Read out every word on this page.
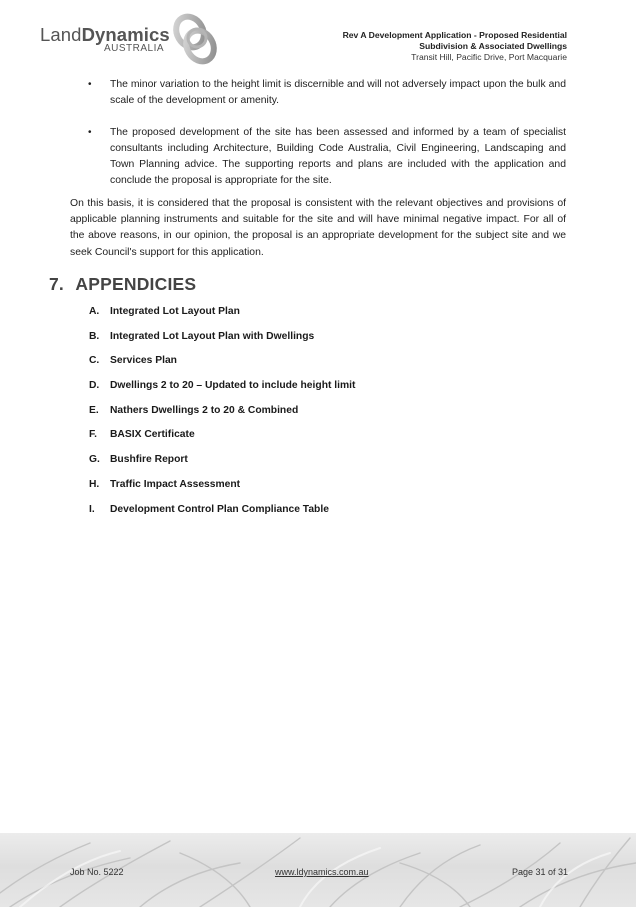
LandDynamics
AUSTRALIA
Rev A Development Application - Proposed Residential
Subdivision & Associated Dwellings
Transit Hill, Pacific Drive, Port Macquarie
• The minor variation to the height limit is discernible and will not adversely impact upon the bulk and scale of the development or amenity.
• The proposed development of the site has been assessed and informed by a team of specialist consultants including Architecture, Building Code Australia, Civil Engineering, Landscaping and Town Planning advice. The supporting reports and plans are included with the application and conclude the proposal is appropriate for the site.

On this basis, it is considered that the proposal is consistent with the relevant objectives and provisions of applicable planning instruments and suitable for the site and will have minimal negative impact. For all of the above reasons, in our opinion, the proposal is an appropriate development for the subject site and we seek Council's support for this application.

7. APPENDICIES
A. Integrated Lot Layout Plan
B. Integrated Lot Layout Plan with Dwellings
C. Services Plan
D. Dwellings 2 to 20 – Updated to include height limit
E. Nathers Dwellings 2 to 20 & Combined
F. BASIX Certificate
G. Bushfire Report
H. Traffic Impact Assessment
I. Development Control Plan Compliance Table
Job No. 5222	www.ldynamics.com.au	Page 31 of 31
